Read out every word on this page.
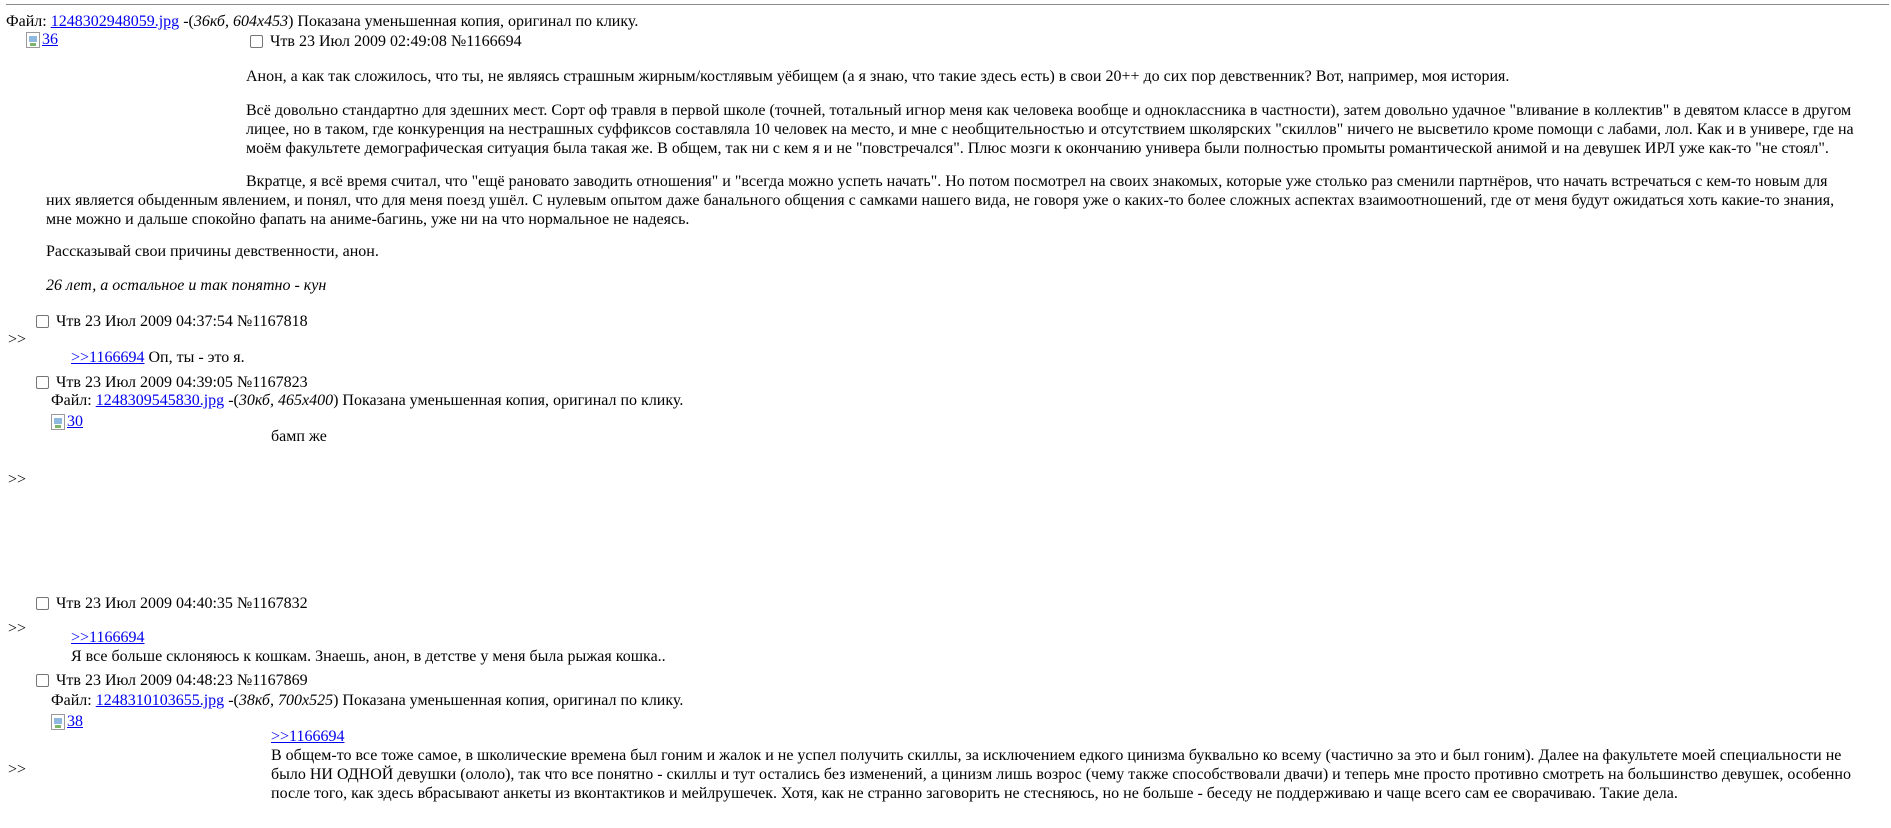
Файл: 1248302948059.jpg -(36кб, 604x453) Показана уменьшенная копия, оригинал по клику.
36	Чтв 23 Июл 2009 02:49:08 №1166694
Анон, а как так сложилось, что ты, не являясь страшным жирным/костлявым уёбищем (а я знаю, что такие здесь есть) в свои 20++ до сих пор девственник? Вот, например, моя история.
Всё довольно стандартно для здешних мест. Сорт оф травля в первой школе (точней, тотальный игнор меня как человека вообще и одноклассника в частности), затем довольно удачное "вливание в коллектив" в девятом классе в другом лицее, но в таком, где конкуренция на нестрашных суффиксов составляла 10 человек на место, и мне с необщительностью и отсутствием школярских "скиллов" ничего не высветило кроме помощи с лабами, лол. Как и в универе, где на моём факультете демографическая ситуация была такая же. В общем, так ни с кем я и не "повстречался". Плюс мозги к окончанию универа были полностью промыты романтической анимой и на девушек ИРЛ уже как-то "не стоял".
Вкратце, я всё время считал, что "ещё рановато заводить отношения" и "всегда можно успеть начать". Но потом посмотрел на своих знакомых, которые уже столько раз сменили партнёров, что начать встречаться с кем-то новым для
них является обыденным явлением, и понял, что для меня поезд ушёл. С нулевым опытом даже банального общения с самками нашего вида, не говоря уже о каких-то более сложных аспектах взаимоотношений, где от меня будут ожидаться хоть какие-то знания, мне можно и дальше спокойно фапать на аниме-багинь, уже ни на что нормальное не надеясь.
Рассказывай свои причины девственности, анон.
26 лет, а остальное и так понятно - кун
Чтв 23 Июл 2009 04:37:54 №1167818
>>
>>1166694 Оп, ты - это я.
Чтв 23 Июл 2009 04:39:05 №1167823
Файл: 1248309545830.jpg -(30кб, 465x400) Показана уменьшенная копия, оригинал по клику.
30
бамп же
>>
Чтв 23 Июл 2009 04:40:35 №1167832
>>
>>1166694
Я все больше склоняюсь к кошкам. Знаешь, анон, в детстве у меня была рыжая кошка..
Чтв 23 Июл 2009 04:48:23 №1167869
Файл: 1248310103655.jpg -(38кб, 700x525) Показана уменьшенная копия, оригинал по клику.
38
>>1166694
В общем-то все тоже самое, в школические времена был гоним и жалок и не успел получить скиллы, за исключением едкого цинизма буквально ко всему (частично за это и был гоним). Далее на факультете моей специальности не было НИ ОДНОЙ девушки (ололо), так что все понятно - скиллы и тут остались без изменений, а цинизм лишь возрос (чему также способствовали двачи) и теперь мне просто противно смотреть на большинство девушек, особенно после того, как здесь вбрасывают анкеты из вконтактиков и мейлрушечек. Хотя, как не странно заговорить не стесняюсь, но не больше - беседу не поддерживаю и чаще всего сам ее сворачиваю. Такие дела.
>>
